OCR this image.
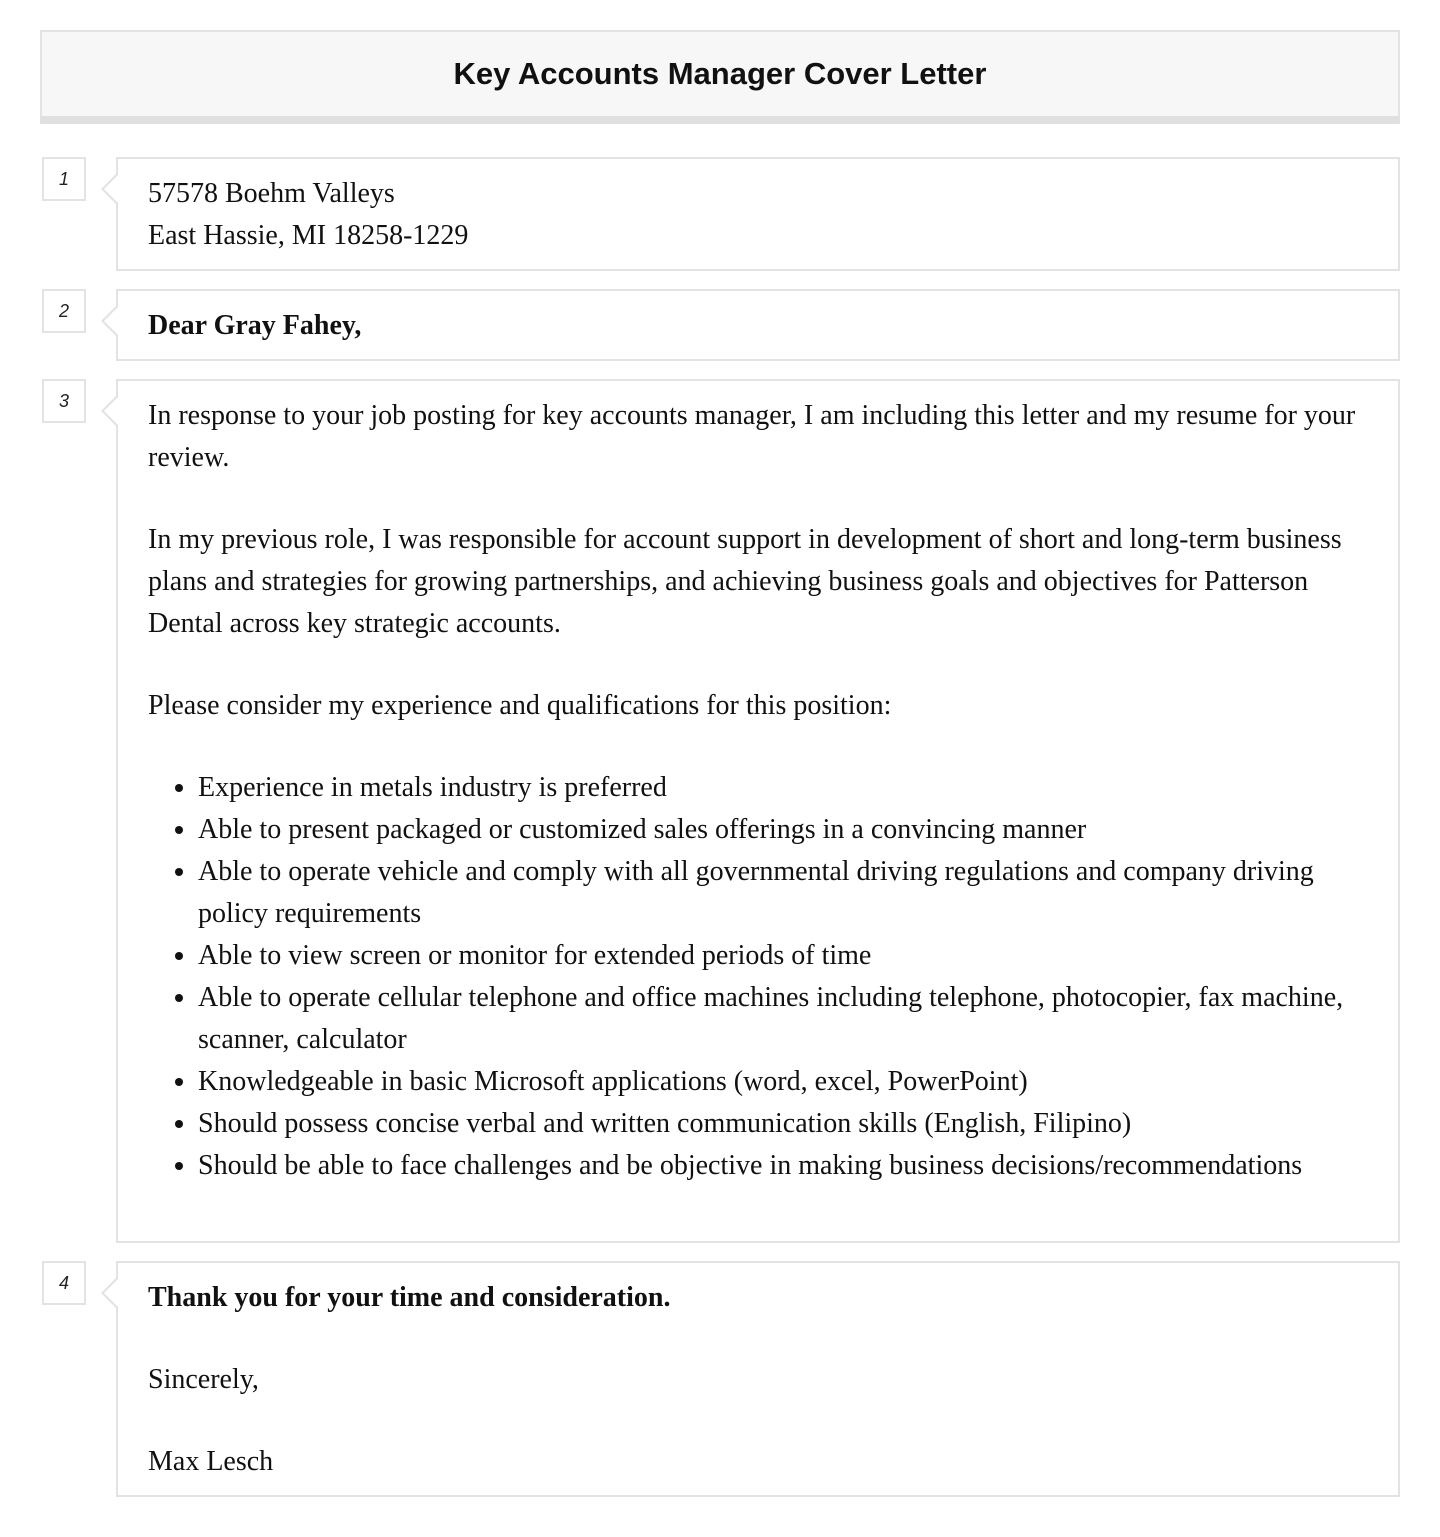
Key Accounts Manager Cover Letter
1	57578 Boehm Valleys
East Hassie, MI 18258-1229
2	Dear Gray Fahey,
3	In response to your job posting for key accounts manager, I am including this letter and my resume for your review.

In my previous role, I was responsible for account support in development of short and long-term business plans and strategies for growing partnerships, and achieving business goals and objectives for Patterson Dental across key strategic accounts.

Please consider my experience and qualifications for this position:

• Experience in metals industry is preferred
• Able to present packaged or customized sales offerings in a convincing manner
• Able to operate vehicle and comply with all governmental driving regulations and company driving policy requirements
• Able to view screen or monitor for extended periods of time
• Able to operate cellular telephone and office machines including telephone, photocopier, fax machine, scanner, calculator
• Knowledgeable in basic Microsoft applications (word, excel, PowerPoint)
• Should possess concise verbal and written communication skills (English, Filipino)
• Should be able to face challenges and be objective in making business decisions/recommendations
4	Thank you for your time and consideration.

Sincerely,

Max Lesch
